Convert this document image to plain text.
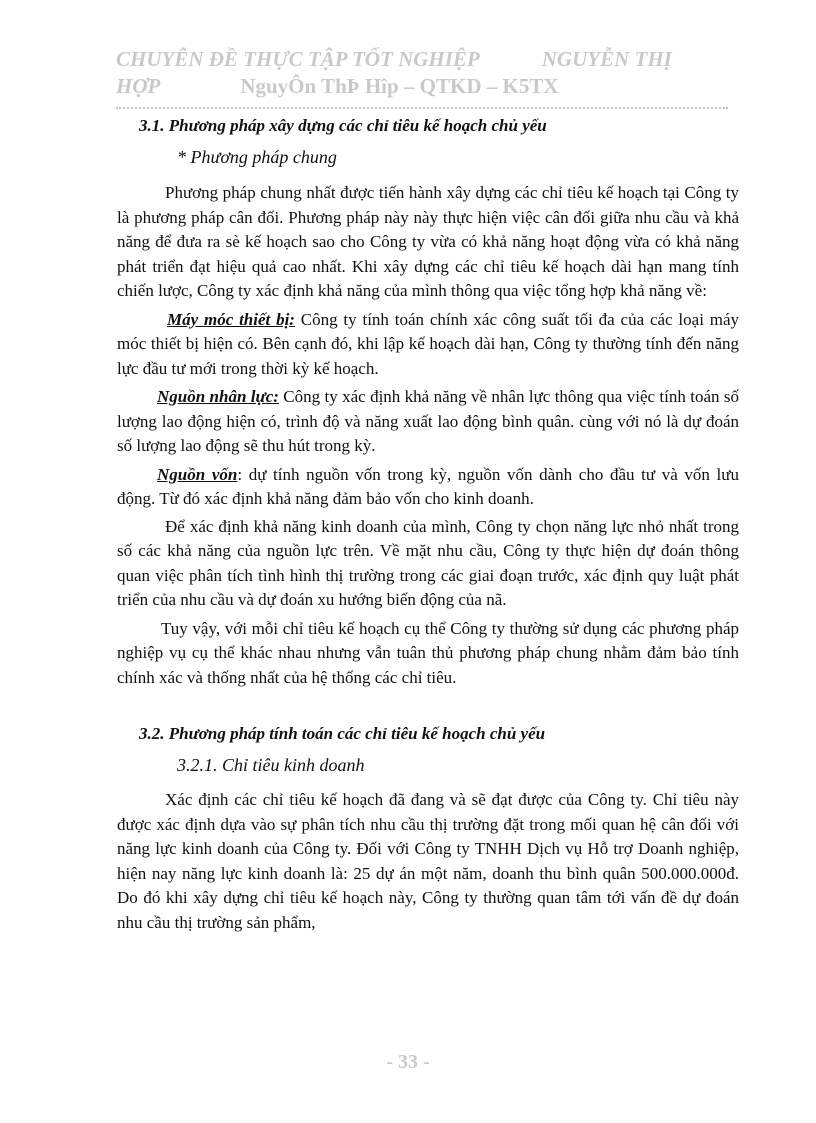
CHUYÊN ĐỀ THỰC TẬP TỐT NGHIỆP	NGUYỄN THỊ
HỢP	NguyÔn ThÞ Hîp – QTKD – K5TX
3.1. Phương pháp xây dựng các chỉ tiêu kế hoạch chủ yếu
* Phương pháp chung

Phương pháp chung nhất được tiến hành xây dựng các chỉ tiêu kế hoạch tại Công ty là phương pháp cân đối. Phương pháp này này thực hiện việc cân đối giữa nhu cầu và khả năng để đưa ra sè kế hoạch sao cho Công ty vừa có khả năng hoạt động vừa có khả năng phát triển đạt hiệu quả cao nhất. Khi xây dựng các chỉ tiêu kế hoạch dài hạn mang tính chiến lược, Công ty xác định khả năng của mình thông qua việc tổng hợp khả năng về:

Máy móc thiết bị: Công ty tính toán chính xác công suất tối đa của các loại máy móc thiết bị hiện có. Bên cạnh đó, khi lập kế hoạch dài hạn, Công ty thường tính đến năng lực đầu tư mới trong thời kỳ kế hoạch.

Nguồn nhân lực: Công ty xác định khả năng về nhân lực thông qua việc tính toán số lượng lao động hiện có, trình độ và năng xuất lao động bình quân. cùng với nó là dự đoán số lượng lao động sẽ thu hút trong kỳ.

Nguồn vốn: dự tính nguồn vốn trong kỳ, nguồn vốn dành cho đầu tư và vốn lưu động. Từ đó xác định khả năng đảm bảo vốn cho kinh doanh.

Để xác định khả năng kinh doanh của mình, Công ty chọn năng lực nhỏ nhất trong số các khả năng của nguồn lực trên. Về mặt nhu cầu, Công ty thực hiện dự đoán thông quan việc phân tích tình hình thị trường trong các giai đoạn trước, xác định quy luật phát triển của nhu cầu và dự đoán xu hướng biến động của nã.

Tuy vậy, với mỗi chỉ tiêu kế hoạch cụ thể Công ty thường sử dụng các phương pháp nghiệp vụ cụ thể khác nhau nhưng vẫn tuân thủ phương pháp chung nhằm đảm bảo tính chính xác và thống nhất của hệ thống các chỉ tiêu.

3.2. Phương pháp tính toán các chỉ tiêu kế hoạch chủ yếu
3.2.1. Chỉ tiêu kinh doanh

Xác định các chỉ tiêu kế hoạch đã đang và sẽ đạt được của Công ty. Chỉ tiêu này được xác định dựa vào sự phân tích nhu cầu thị trường đặt trong mối quan hệ cân đối với năng lực kinh doanh của Công ty. Đối với Công ty TNHH Dịch vụ Hỗ trợ Doanh nghiệp, hiện nay năng lực kinh doanh là: 25 dự án một năm, doanh thu bình quân 500.000.000đ. Do đó khi xây dựng chỉ tiêu kế hoạch này, Công ty thường quan tâm tới vấn đề dự đoán nhu cầu thị trường sản phẩm,

- 33 -
